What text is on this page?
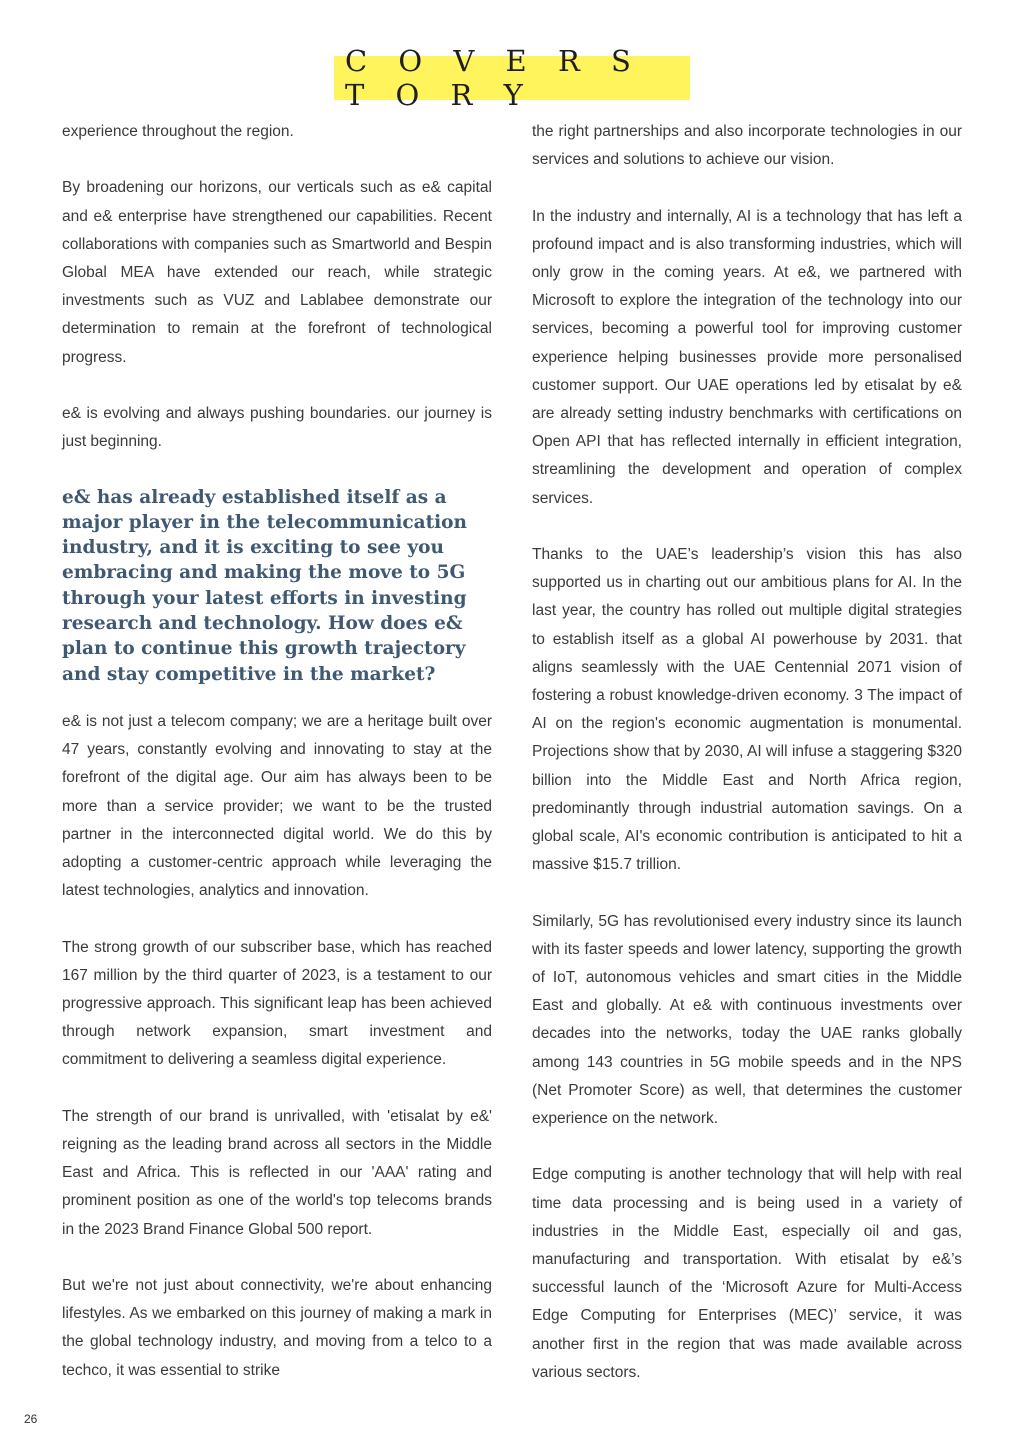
C O V E R S T O R Y

experience throughout the region.

By broadening our horizons, our verticals such as e& capital and e& enterprise have strengthened our capabilities. Recent collaborations with companies such as Smartworld and Bespin Global MEA have extended our reach, while strategic investments such as VUZ and Lablabee demonstrate our determination to remain at the forefront of technological progress.

e& is evolving and always pushing boundaries. our journey is just beginning.

e& has already established itself as a major player in the telecommunication industry, and it is exciting to see you embracing and making the move to 5G through your latest efforts in investing research and technology. How does e& plan to continue this growth trajectory and stay competitive in the market?

e& is not just a telecom company; we are a heritage built over 47 years, constantly evolving and innovating to stay at the forefront of the digital age. Our aim has always been to be more than a service provider; we want to be the trusted partner in the interconnected digital world. We do this by adopting a customer-centric approach while leveraging the latest technologies, analytics and innovation.

The strong growth of our subscriber base, which has reached 167 million by the third quarter of 2023, is a testament to our progressive approach. This significant leap has been achieved through network expansion, smart investment and commitment to delivering a seamless digital experience.

The strength of our brand is unrivalled, with 'etisalat by e&' reigning as the leading brand across all sectors in the Middle East and Africa. This is reflected in our 'AAA' rating and prominent position as one of the world's top telecoms brands in the 2023 Brand Finance Global 500 report.

But we're not just about connectivity, we're about enhancing lifestyles. As we embarked on this journey of making a mark in the global technology industry, and moving from a telco to a techco, it was essential to strike

the right partnerships and also incorporate technologies in our services and solutions to achieve our vision.

In the industry and internally, AI is a technology that has left a profound impact and is also transforming industries, which will only grow in the coming years. At e&, we partnered with Microsoft to explore the integration of the technology into our services, becoming a powerful tool for improving customer experience helping businesses provide more personalised customer support. Our UAE operations led by etisalat by e& are already setting industry benchmarks with certifications on Open API that has reflected internally in efficient integration, streamlining the development and operation of complex services.

Thanks to the UAE’s leadership’s vision this has also supported us in charting out our ambitious plans for AI. In the last year, the country has rolled out multiple digital strategies to establish itself as a global AI powerhouse by 2031. that aligns seamlessly with the UAE Centennial 2071 vision of fostering a robust knowledge-driven economy. 3 The impact of AI on the region's economic augmentation is monumental. Projections show that by 2030, AI will infuse a staggering $320 billion into the Middle East and North Africa region, predominantly through industrial automation savings. On a global scale, AI's economic contribution is anticipated to hit a massive $15.7 trillion.

Similarly, 5G has revolutionised every industry since its launch with its faster speeds and lower latency, supporting the growth of IoT, autonomous vehicles and smart cities in the Middle East and globally. At e& with continuous investments over decades into the networks, today the UAE ranks globally among 143 countries in 5G mobile speeds and in the NPS (Net Promoter Score) as well, that determines the customer experience on the network.

Edge computing is another technology that will help with real time data processing and is being used in a variety of industries in the Middle East, especially oil and gas, manufacturing and transportation. With etisalat by e&’s successful launch of the ‘Microsoft Azure for Multi-Access Edge Computing for Enterprises (MEC)’ service, it was another first in the region that was made available across various sectors.

26
